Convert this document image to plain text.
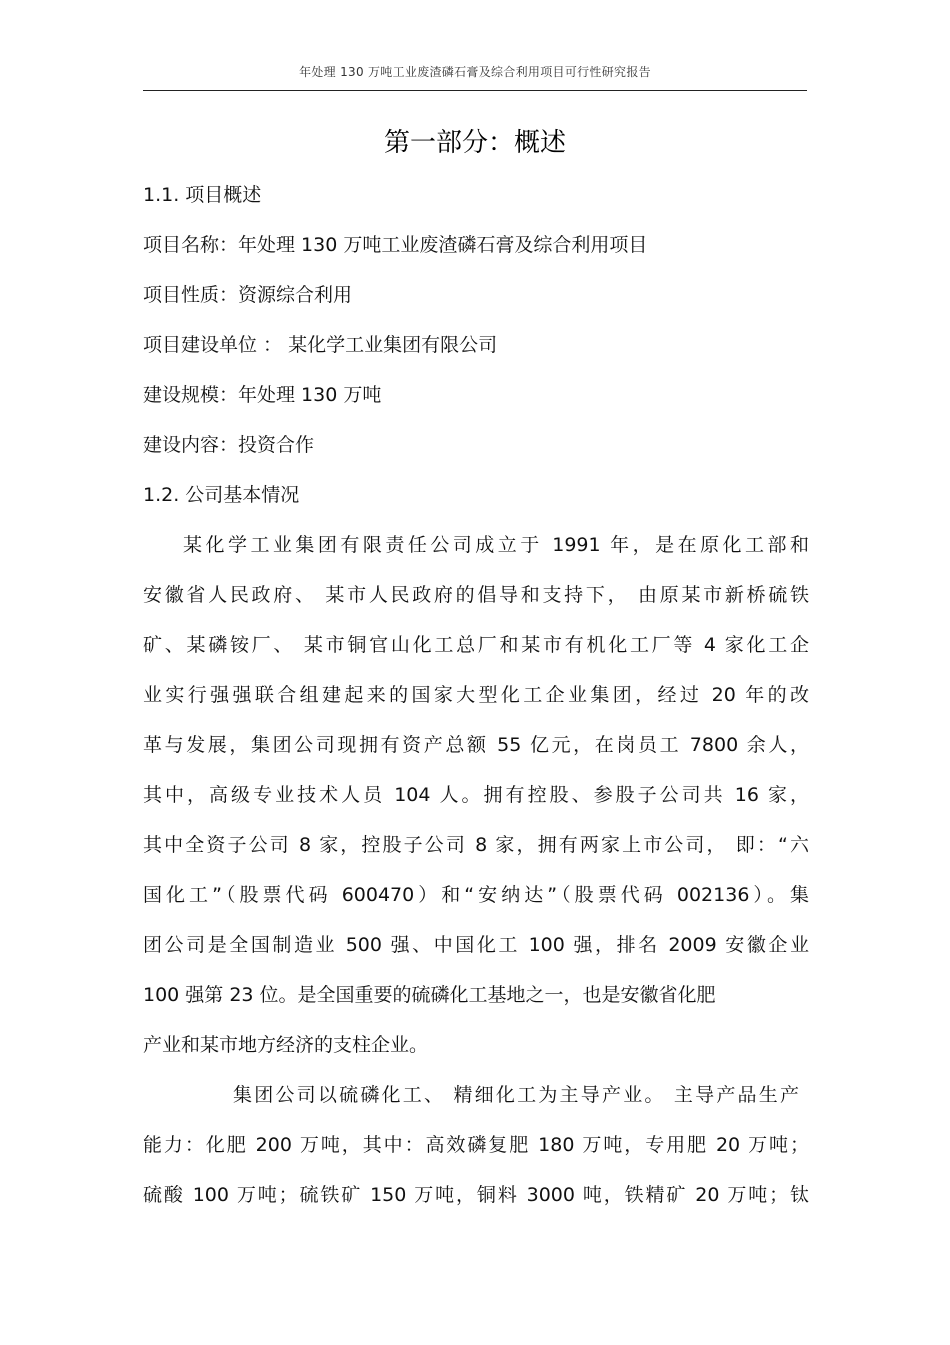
年处理 130 万吨工业废渣磷石膏及综合利用项目可行性研究报告
第一部分：概述
1.1. 项目概述
项目名称：年处理 130 万吨工业废渣磷石膏及综合利用项目
项目性质：资源综合利用
项目建设单位 ： 某化学工业集团有限公司
建设规模：年处理 130 万吨
建设内容：投资合作
1.2. 公司基本情况
某化学工业集团有限责任公司成立于 1991 年，是在原化工部和
安徽省人民政府、 某市人民政府的倡导和支持下， 由原某市新桥硫铁
矿、某磷铵厂、 某市铜官山化工总厂和某市有机化工厂等 4 家化工企
业实行强强联合组建起来的国家大型化工企业集团，经过 20 年的改
革与发展，集团公司现拥有资产总额 55 亿元，在岗员工 7800 余人，
其中，高级专业技术人员 104 人。拥有控股、参股子公司共 16 家，
其中全资子公司 8 家，控股子公司 8 家，拥有两家上市公司， 即：“六
国化工”（股票代码 600470）和“安纳达”（股票代码 002136）。集
团公司是全国制造业 500 强、中国化工 100 强，排名 2009 安徽企业
100 强第 23 位。是全国重要的硫磷化工基地之一，也是安徽省化肥
产业和某市地方经济的支柱企业。
集团公司以硫磷化工、 精细化工为主导产业。 主导产品生产
能力：化肥 200 万吨，其中：高效磷复肥 180 万吨，专用肥 20 万吨；
硫酸 100 万吨；硫铁矿 150 万吨，铜料 3000 吨，铁精矿 20 万吨；钛
